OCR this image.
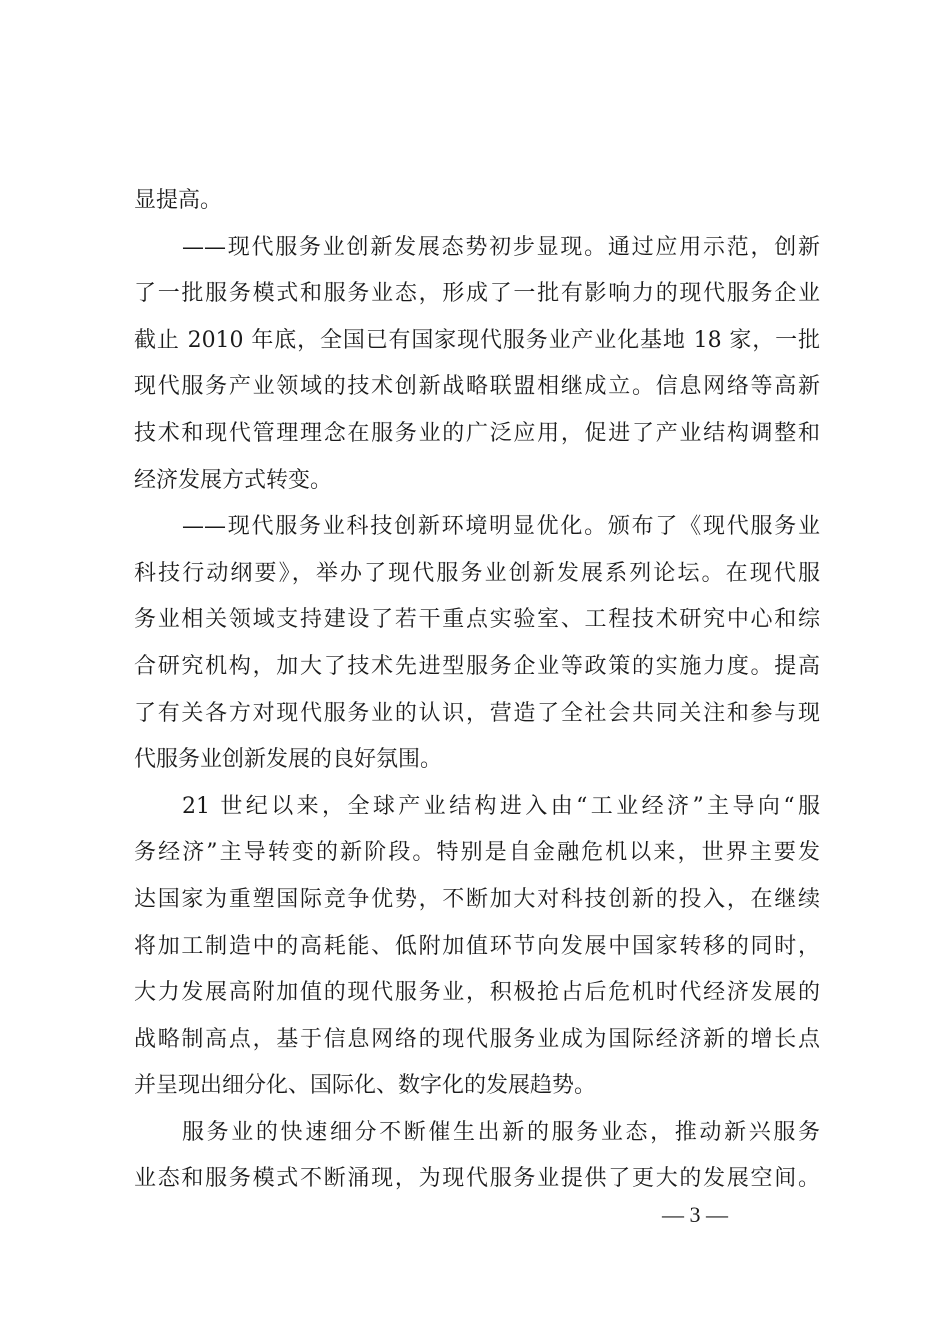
显提高。
——现代服务业创新发展态势初步显现。通过应用示范，创新
了一批服务模式和服务业态，形成了一批有影响力的现代服务企业
截止 2010 年底，全国已有国家现代服务业产业化基地 18 家，一批
现代服务产业领域的技术创新战略联盟相继成立。信息网络等高新
技术和现代管理理念在服务业的广泛应用，促进了产业结构调整和
经济发展方式转变。
——现代服务业科技创新环境明显优化。颁布了《现代服务业
科技行动纲要》，举办了现代服务业创新发展系列论坛。在现代服
务业相关领域支持建设了若干重点实验室、工程技术研究中心和综
合研究机构，加大了技术先进型服务企业等政策的实施力度。提高
了有关各方对现代服务业的认识，营造了全社会共同关注和参与现
代服务业创新发展的良好氛围。
21 世纪以来，全球产业结构进入由“工业经济”主导向“服
务经济”主导转变的新阶段。特别是自金融危机以来，世界主要发
达国家为重塑国际竞争优势，不断加大对科技创新的投入，在继续
将加工制造中的高耗能、低附加值环节向发展中国家转移的同时，
大力发展高附加值的现代服务业，积极抢占后危机时代经济发展的
战略制高点，基于信息网络的现代服务业成为国际经济新的增长点
并呈现出细分化、国际化、数字化的发展趋势。
服务业的快速细分不断催生出新的服务业态，推动新兴服务
业态和服务模式不断涌现，为现代服务业提供了更大的发展空间。
— 3 —
